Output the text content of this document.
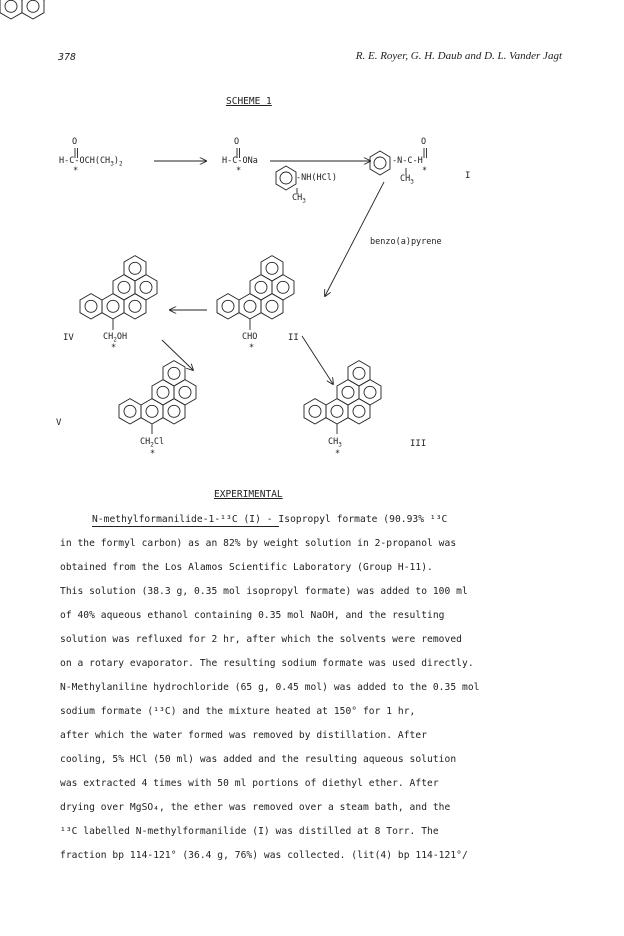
378	R. E. Royer, G. H. Daub and D. L. Vander Jagt
SCHEME 1
O
$H-C-OCH(CH_3)_2$
*
O
H-C-ONa
*
-NH(HCl)
$CH_3$
O
-N-C-H
$CH_3$
*	I
benzo(a)pyrene
IV	$CH_2OH$
*
CHO
*
II
V
$CH_2Cl$
*
$CH_3$
*
III
EXPERIMENTAL
N-methylformanilide-1-¹³C (I) - Isopropyl formate (90.93% ¹³C
in the formyl carbon) as an 82% by weight solution in 2-propanol was
obtained from the Los Alamos Scientific Laboratory (Group H-11).
This solution (38.3 g, 0.35 mol isopropyl formate) was added to 100 ml
of 40% aqueous ethanol containing 0.35 mol NaOH, and the resulting
solution was refluxed for 2 hr, after which the solvents were removed
on a rotary evaporator. The resulting sodium formate was used directly.
N-Methylaniline hydrochloride (65 g, 0.45 mol) was added to the 0.35 mol
sodium formate (¹³C) and the mixture heated at 150° for 1 hr,
after which the water formed was removed by distillation. After
cooling, 5% HCl (50 ml) was added and the resulting aqueous solution
was extracted 4 times with 50 ml portions of diethyl ether. After
drying over MgSO₄, the ether was removed over a steam bath, and the
¹³C labelled N-methylformanilide (I) was distilled at 8 Torr. The
fraction bp 114-121° (36.4 g, 76%) was collected. (lit(4) bp 114-121°/
